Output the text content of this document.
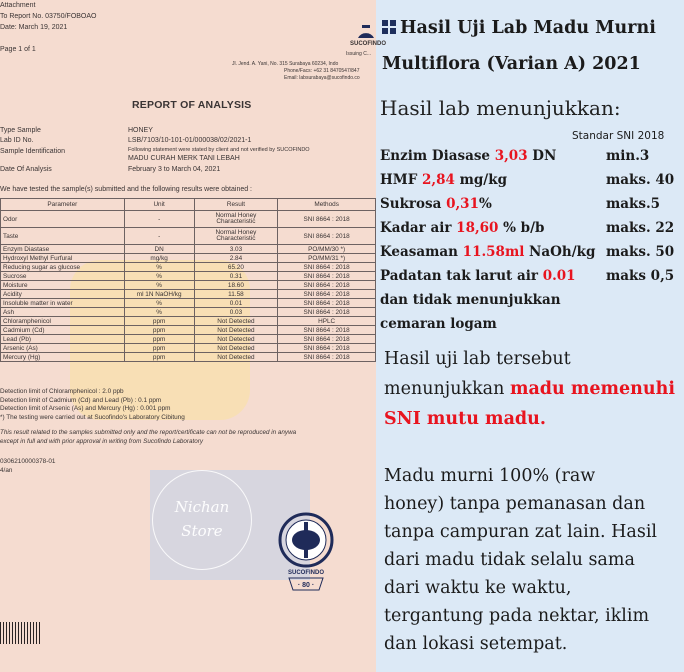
Attachment
To Report No. 03750/FOBOAO
Date: March 19, 2021
Page 1 of 1
SUCOFINDO
Issuing C...
Jl. Jend. A. Yani, No. 315 Surabaya 60234, Indo
Phone/Facs: +62 31 8470547/847
Email: labsurabaya@sucofindo.co
REPORT OF ANALYSIS
Type Sample	HONEY
Lab ID No.	LSB/7103/10-101-01/000038/02/2021-1
Following statement were stated by client and not verified by SUCOFINDO
Sample Identification
MADU CURAH MERK TANI LEBAH
Date Of Analysis	February 3 to March 04, 2021
We have tested the sample(s) submitted and the following results were obtained :
Parameter	Unit	Result	Methods
Odor	-	Normal Honey Characteristic	SNI 8664 : 2018
Taste	-	Normal Honey Characteristic	SNI 8664 : 2018
Enzym Diastase	DN	3.03	PO/MM/30 *)
Hydroxyl Methyl Furfural	mg/kg	2.84	PO/MM/31 *)
Reducing sugar as glucose	%	65.20	SNI 8664 : 2018
Sucrose	%	0.31	SNI 8664 : 2018
Moisture	%	18.60	SNI 8664 : 2018
Acidity	ml 1N NaOH/kg	11.58	SNI 8664 : 2018
Insoluble matter in water	%	0.01	SNI 8664 : 2018
Ash	%	0.03	SNI 8664 : 2018
Chloramphenicol	ppm	Not Detected	HPLC
Cadmium (Cd)	ppm	Not Detected	SNI 8664 : 2018
Lead (Pb)	ppm	Not Detected	SNI 8664 : 2018
Arsenic (As)	ppm	Not Detected	SNI 8664 : 2018
Mercury (Hg)	ppm	Not Detected	SNI 8664 : 2018
Detection limit of Chloramphenicol : 2.0 ppb
Detection limit of Cadmium (Cd) and Lead (Pb) : 0.1 ppm
Detection limit of Arsenic (As) and Mercury (Hg) : 0.001 ppm
*) The testing were carried out at Sucofindo's Laboratory Cibitung
This result related to the samples submitted only and the report/certificate can not be reproduced in anywa
except in full and with prior approval in writing from Sucofindo Laboratory
0306210000378-01
4/an
Nichan
Store
SUCOFINDO
· 80 ·
Hasil Uji Lab Madu Murni
Multiflora (Varian A) 2021
Hasil lab menunjukkan:
Standar SNI 2018
Enzim Diasase 3,03 DN	min.3
HMF 2,84 mg/kg	maks. 40
Sukrosa 0,31%	maks.5
Kadar air 18,60 % b/b	maks. 22
Keasaman 11.58ml NaOh/kg maks. 50
Padatan tak larut air 0.01 maks 0,5
dan tidak menunjukkan
cemaran logam
Hasil uji lab tersebut menunjukkan madu memenuhi SNI mutu madu.
Madu murni 100% (raw
honey) tanpa pemanasan dan
tanpa campuran zat lain. Hasil
dari madu tidak selalu sama
dari waktu ke waktu,
tergantung pada nektar, iklim
dan lokasi setempat.
